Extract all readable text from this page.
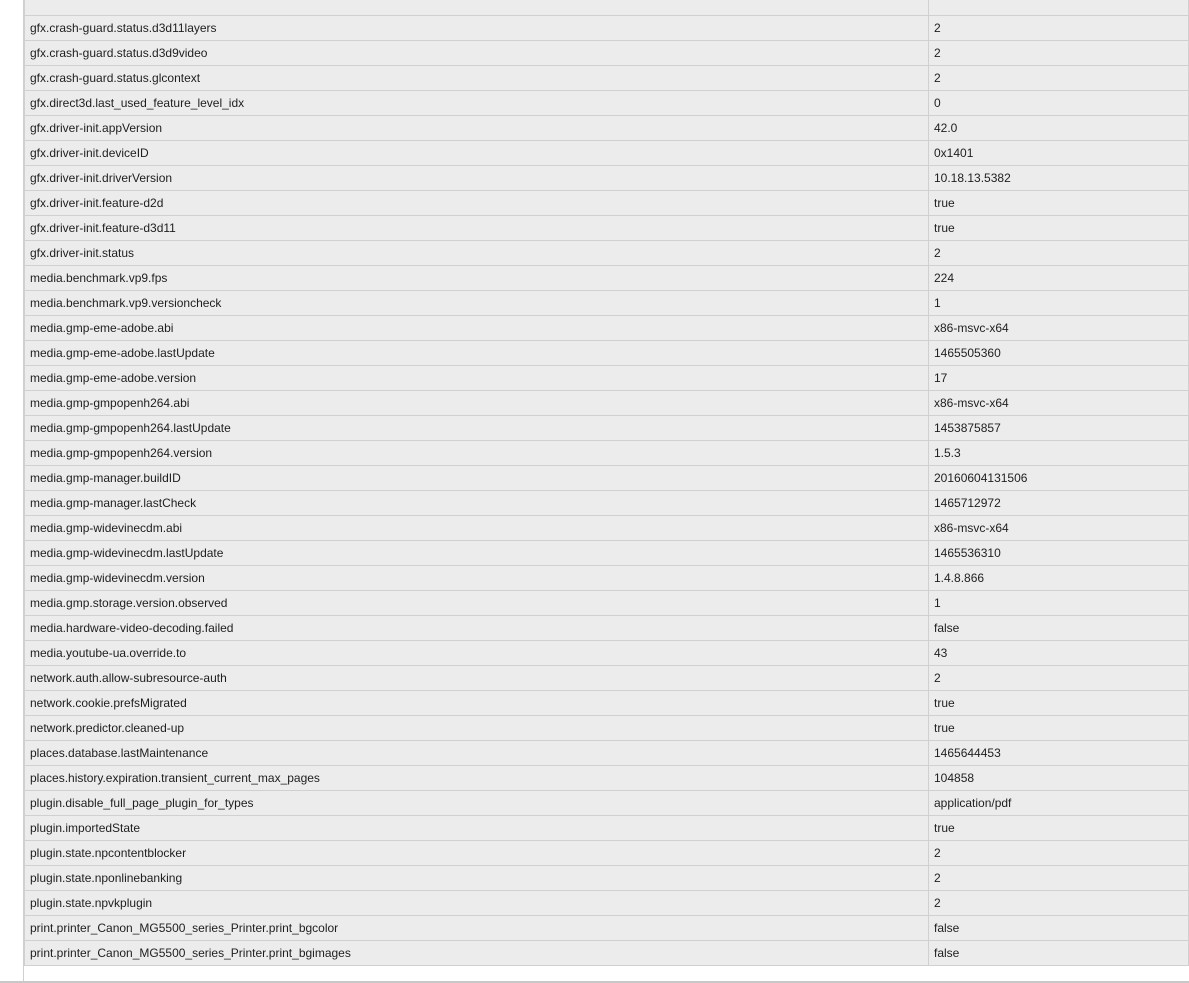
gfx.crash-guard.status.d3d11layers	2
gfx.crash-guard.status.d3d9video	2
gfx.crash-guard.status.glcontext	2
gfx.direct3d.last_used_feature_level_idx	0
gfx.driver-init.appVersion	42.0
gfx.driver-init.deviceID	0x1401
gfx.driver-init.driverVersion	10.18.13.5382
gfx.driver-init.feature-d2d	true
gfx.driver-init.feature-d3d11	true
gfx.driver-init.status	2
media.benchmark.vp9.fps	224
media.benchmark.vp9.versioncheck	1
media.gmp-eme-adobe.abi	x86-msvc-x64
media.gmp-eme-adobe.lastUpdate	1465505360
media.gmp-eme-adobe.version	17
media.gmp-gmpopenh264.abi	x86-msvc-x64
media.gmp-gmpopenh264.lastUpdate	1453875857
media.gmp-gmpopenh264.version	1.5.3
media.gmp-manager.buildID	20160604131506
media.gmp-manager.lastCheck	1465712972
media.gmp-widevinecdm.abi	x86-msvc-x64
media.gmp-widevinecdm.lastUpdate	1465536310
media.gmp-widevinecdm.version	1.4.8.866
media.gmp.storage.version.observed	1
media.hardware-video-decoding.failed	false
media.youtube-ua.override.to	43
network.auth.allow-subresource-auth	2
network.cookie.prefsMigrated	true
network.predictor.cleaned-up	true
places.database.lastMaintenance	1465644453
places.history.expiration.transient_current_max_pages	104858
plugin.disable_full_page_plugin_for_types	application/pdf
plugin.importedState	true
plugin.state.npcontentblocker	2
plugin.state.nponlinebanking	2
plugin.state.npvkplugin	2
print.printer_Canon_MG5500_series_Printer.print_bgcolor	false
print.printer_Canon_MG5500_series_Printer.print_bgimages	false
